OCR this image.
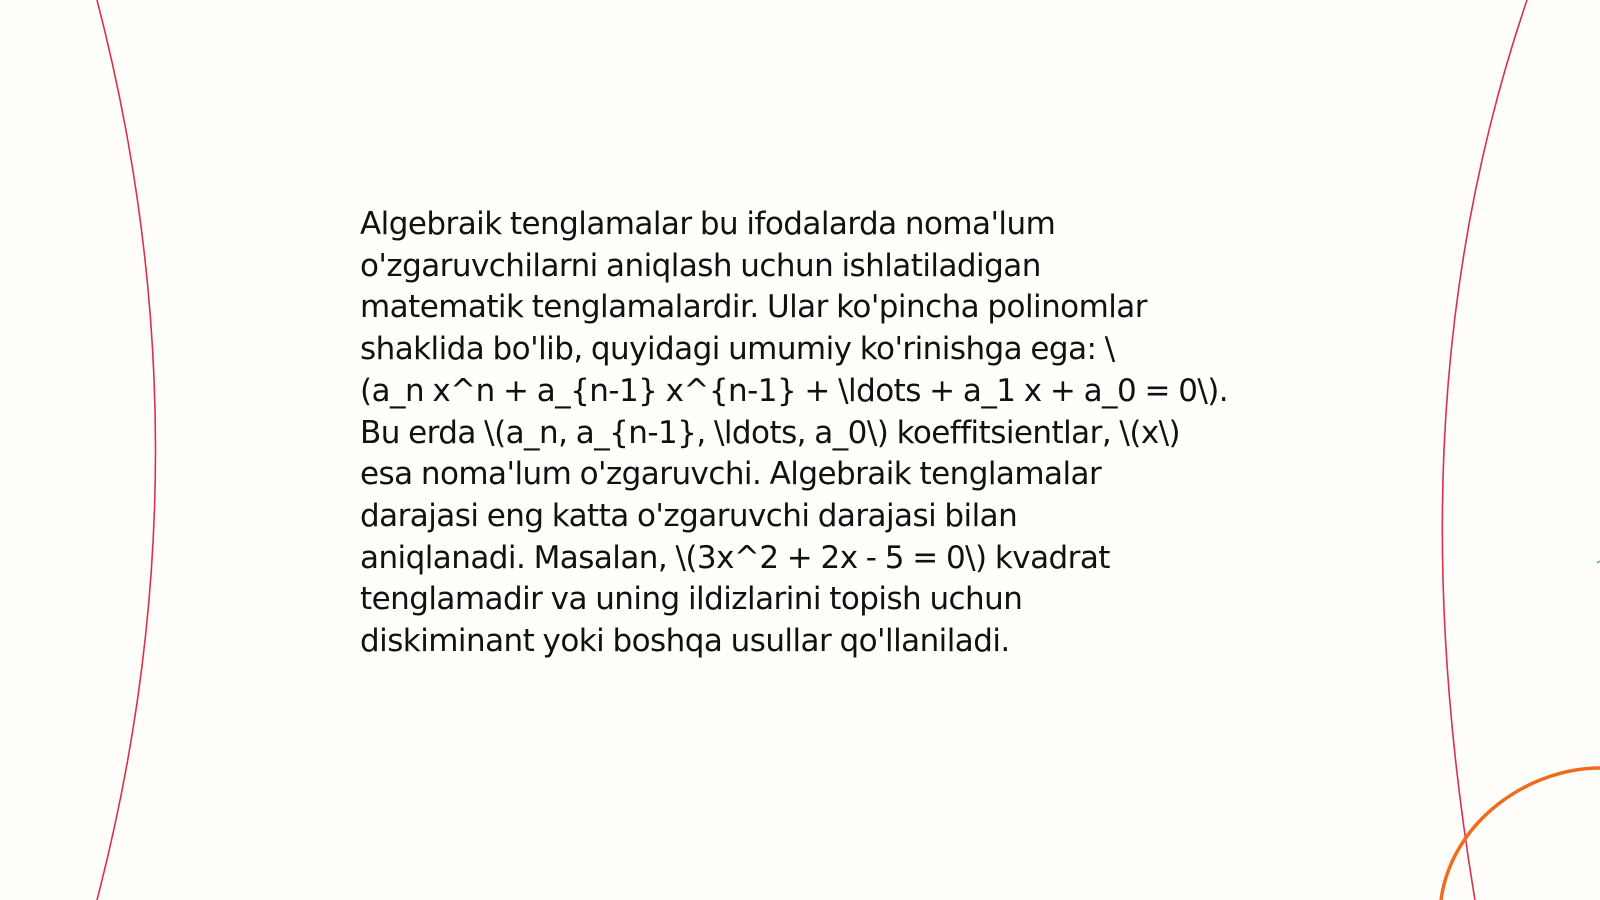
Algebraik tenglamalar bu ifodalarda noma'lum
o'zgaruvchilarni aniqlash uchun ishlatiladigan
matematik tenglamalardir. Ular ko'pincha polinomlar
shaklida bo'lib, quyidagi umumiy ko'rinishga ega: \
(a_n x^n + a_{n-1} x^{n-1} + \ldots + a_1 x + a_0 = 0\).
Bu erda \(a_n, a_{n-1}, \ldots, a_0\) koeffitsientlar, \(x\)
esa noma'lum o'zgaruvchi. Algebraik tenglamalar
darajasi eng katta o'zgaruvchi darajasi bilan
aniqlanadi. Masalan, \(3x^2 + 2x - 5 = 0\) kvadrat
tenglamadir va uning ildizlarini topish uchun
diskiminant yoki boshqa usullar qo'llaniladi.
